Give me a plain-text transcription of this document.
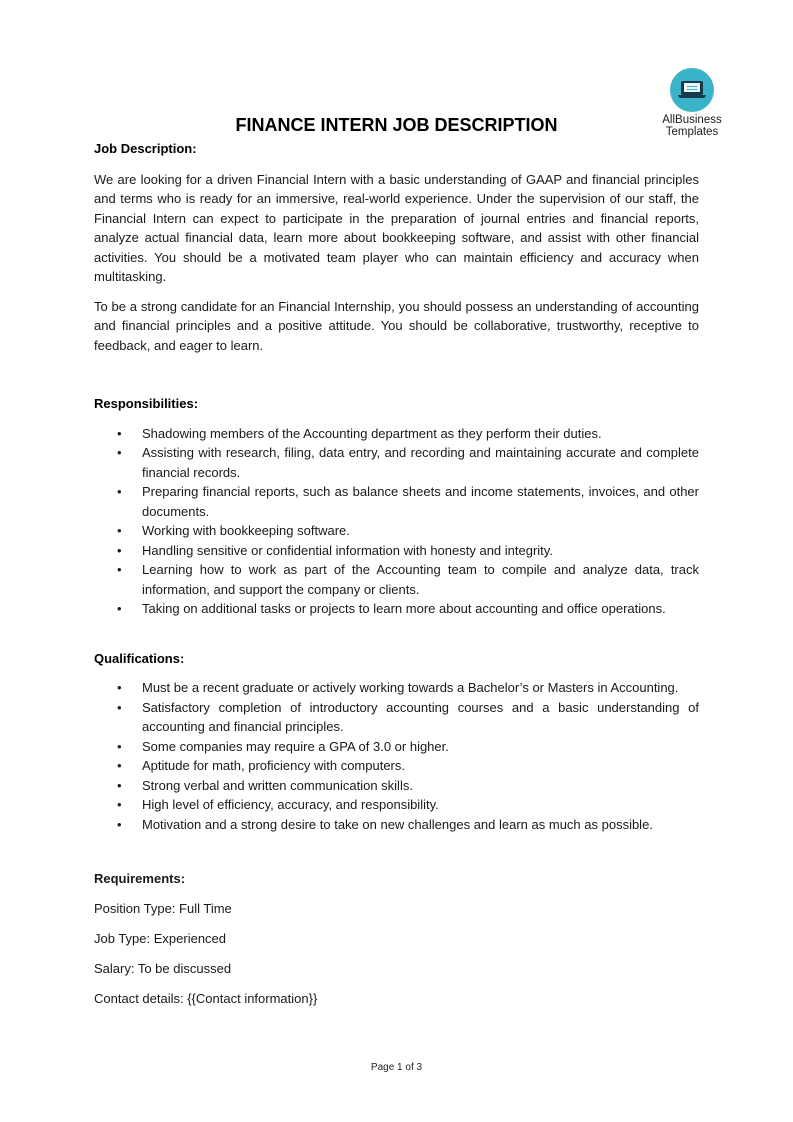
AllBusiness
Templates
FINANCE INTERN JOB DESCRIPTION

Job Description:

We are looking for a driven Financial Intern with a basic understanding of GAAP and financial principles and terms who is ready for an immersive, real-world experience. Under the supervision of our staff, the Financial Intern can expect to participate in the preparation of journal entries and financial reports, analyze actual financial data, learn more about bookkeeping software, and assist with other financial activities. You should be a motivated team player who can maintain efficiency and accuracy when multitasking.

To be a strong candidate for an Financial Internship, you should possess an understanding of accounting and financial principles and a positive attitude. You should be collaborative, trustworthy, receptive to feedback, and eager to learn.

Responsibilities:

• Shadowing members of the Accounting department as they perform their duties.
• Assisting with research, filing, data entry, and recording and maintaining accurate and complete financial records.
• Preparing financial reports, such as balance sheets and income statements, invoices, and other documents.
• Working with bookkeeping software.
• Handling sensitive or confidential information with honesty and integrity.
• Learning how to work as part of the Accounting team to compile and analyze data, track information, and support the company or clients.
• Taking on additional tasks or projects to learn more about accounting and office operations.

Qualifications:

• Must be a recent graduate or actively working towards a Bachelor’s or Masters in Accounting.
• Satisfactory completion of introductory accounting courses and a basic understanding of accounting and financial principles.
• Some companies may require a GPA of 3.0 or higher.
• Aptitude for math, proficiency with computers.
• Strong verbal and written communication skills.
• High level of efficiency, accuracy, and responsibility.
• Motivation and a strong desire to take on new challenges and learn as much as possible.

Requirements:

Position Type: Full Time

Job Type: Experienced

Salary: To be discussed

Contact details: {{Contact information}}

Page 1 of 3
